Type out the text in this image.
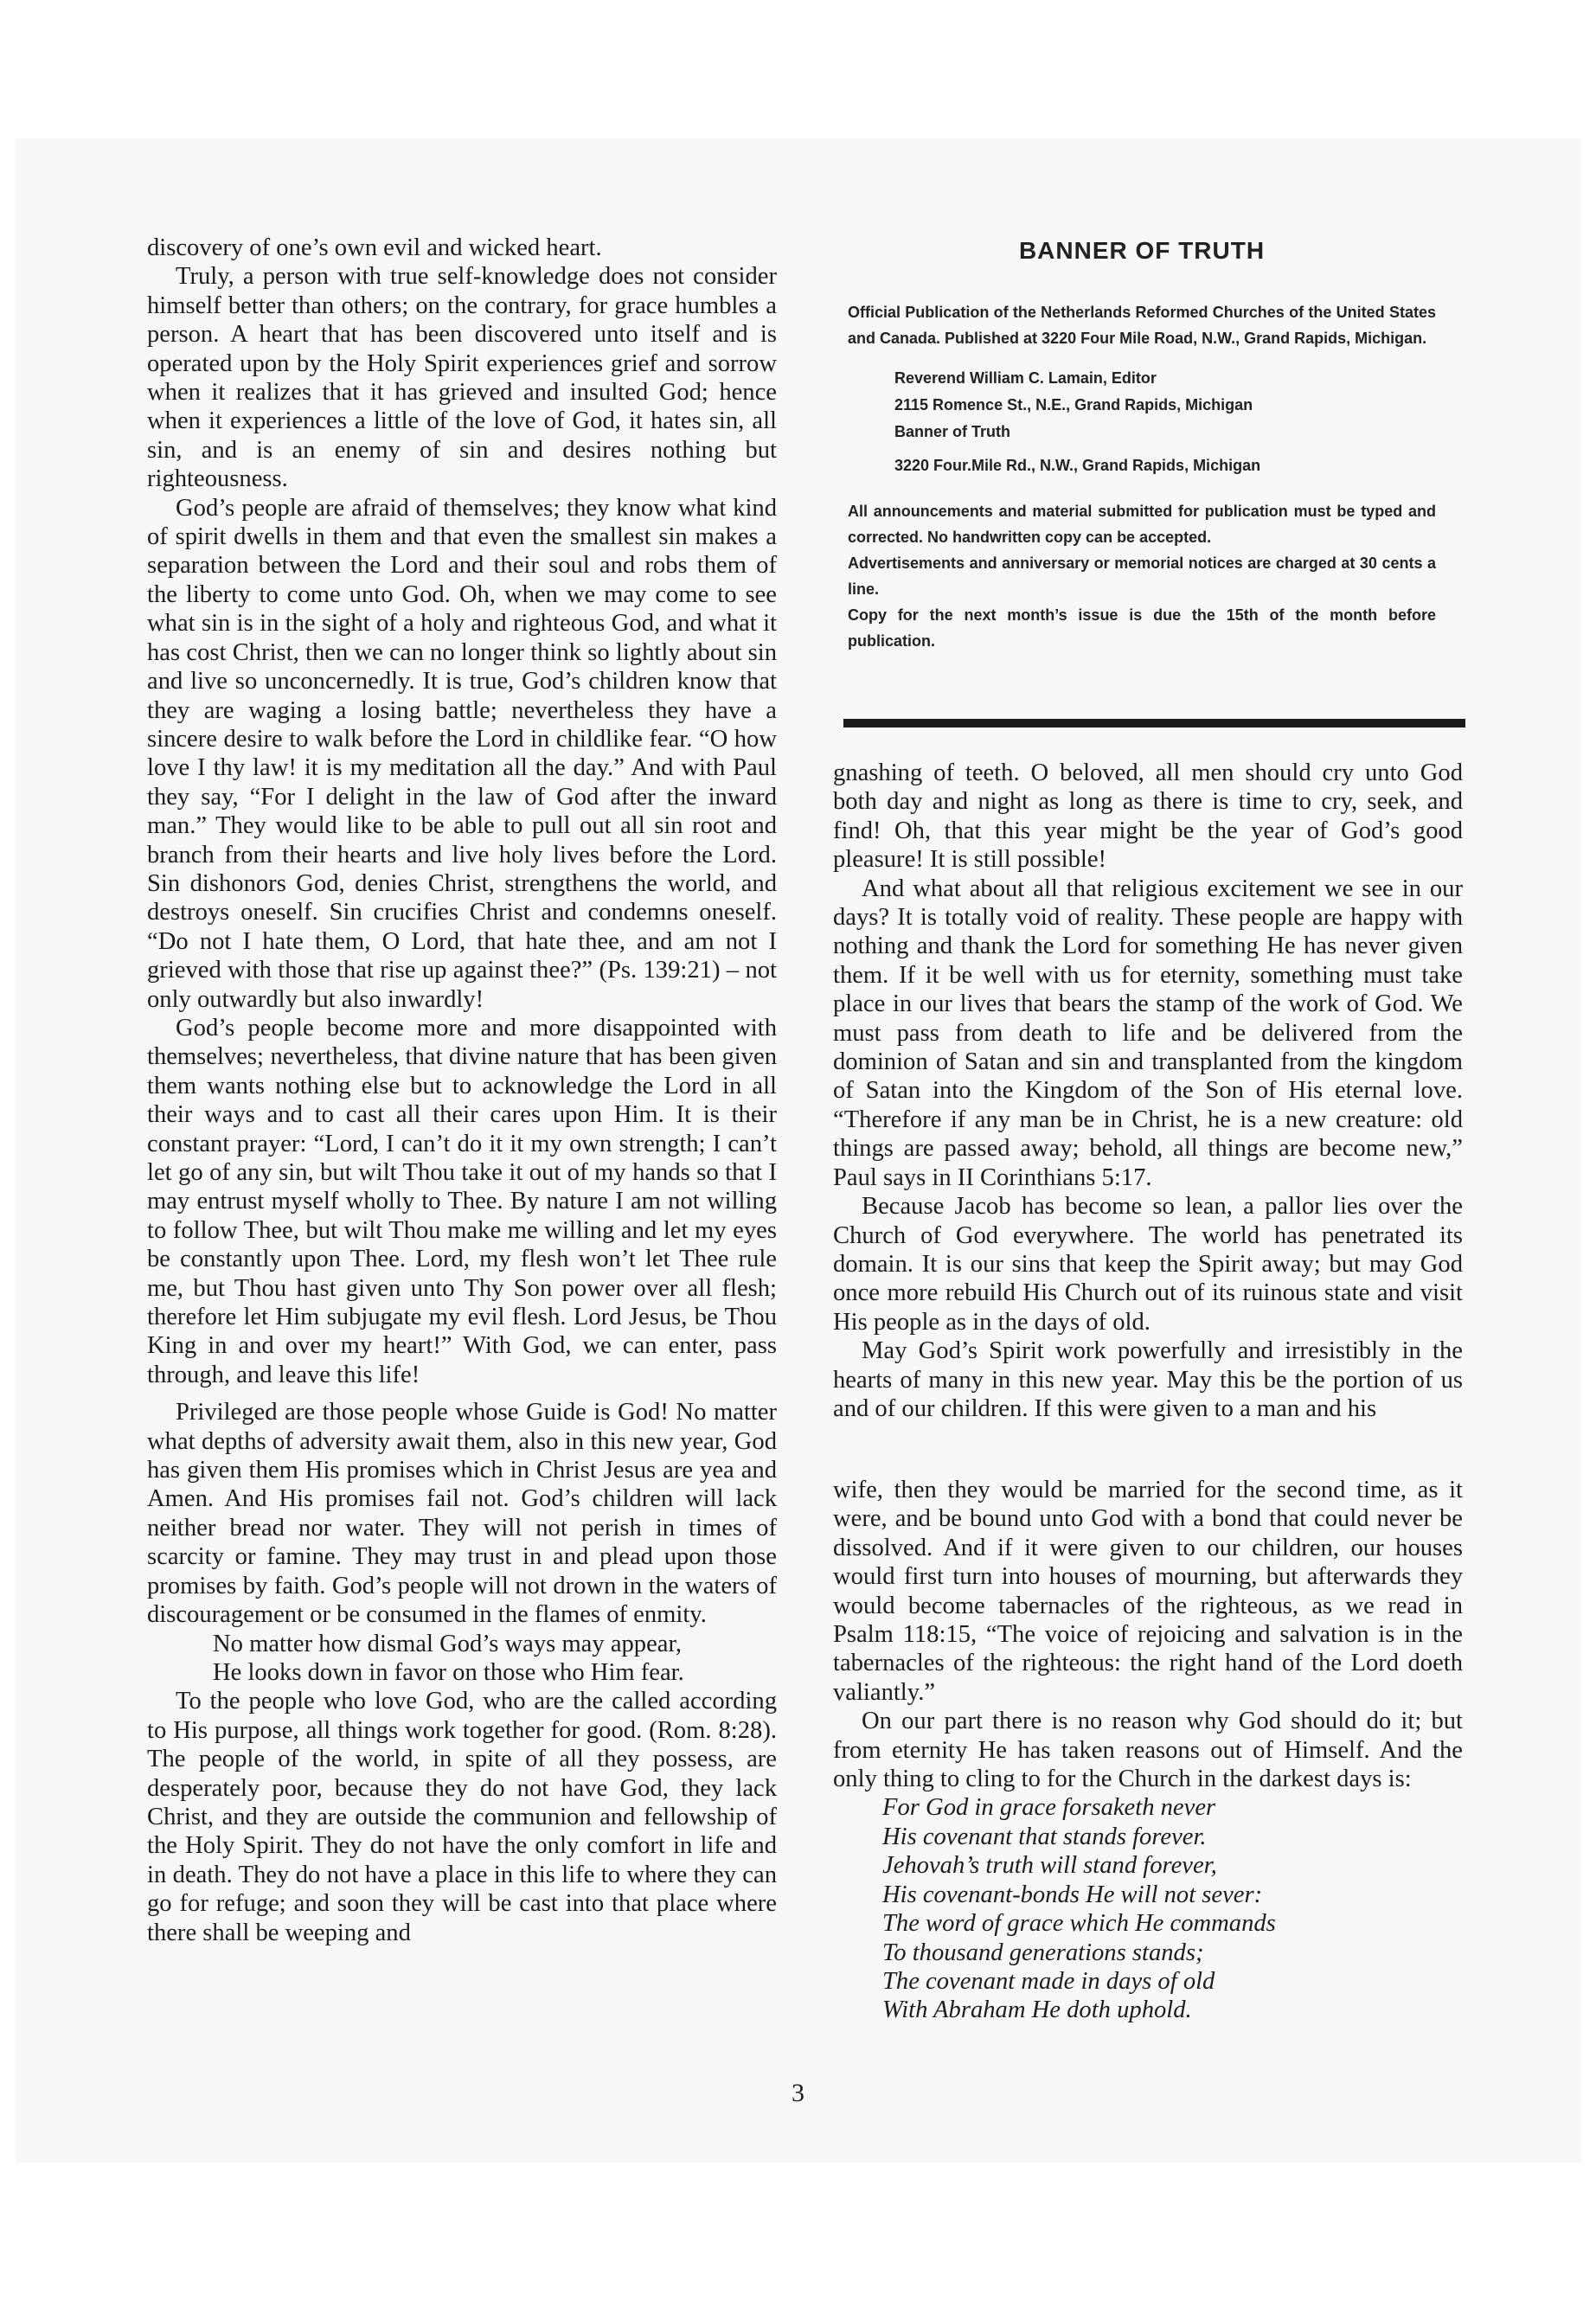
discovery of one’s own evil and wicked heart.

Truly, a person with true self-knowledge does not consider himself better than others; on the contrary, for grace humbles a person. A heart that has been discovered unto itself and is operated upon by the Holy Spirit experiences grief and sorrow when it realizes that it has grieved and insulted God; hence when it experiences a little of the love of God, it hates sin, all sin, and is an enemy of sin and desires nothing but righteousness.

God’s people are afraid of themselves; they know what kind of spirit dwells in them and that even the smallest sin makes a separation between the Lord and their soul and robs them of the liberty to come unto God. Oh, when we may come to see what sin is in the sight of a holy and righteous God, and what it has cost Christ, then we can no longer think so lightly about sin and live so unconcernedly. It is true, God’s children know that they are waging a losing battle; nevertheless they have a sincere desire to walk before the Lord in childlike fear. “O how love I thy law! it is my meditation all the day.” And with Paul they say, “For I delight in the law of God after the inward man.” They would like to be able to pull out all sin root and branch from their hearts and live holy lives before the Lord. Sin dishonors God, denies Christ, strengthens the world, and destroys oneself. Sin crucifies Christ and condemns oneself. “Do not I hate them, O Lord, that hate thee, and am not I grieved with those that rise up against thee?” (Ps. 139:21) – not only outwardly but also inwardly!

God’s people become more and more disappointed with themselves; nevertheless, that divine nature that has been given them wants nothing else but to acknowledge the Lord in all their ways and to cast all their cares upon Him. It is their constant prayer: “Lord, I can’t do it it my own strength; I can’t let go of any sin, but wilt Thou take it out of my hands so that I may entrust myself wholly to Thee. By nature I am not willing to follow Thee, but wilt Thou make me willing and let my eyes be constantly upon Thee. Lord, my flesh won’t let Thee rule me, but Thou hast given unto Thy Son power over all flesh; therefore let Him subjugate my evil flesh. Lord Jesus, be Thou King in and over my heart!” With God, we can enter, pass through, and leave this life!

Privileged are those people whose Guide is God! No matter what depths of adversity await them, also in this new year, God has given them His promises which in Christ Jesus are yea and Amen. And His promises fail not. God’s children will lack neither bread nor water. They will not perish in times of scarcity or famine. They may trust in and plead upon those promises by faith. God’s people will not drown in the waters of discouragement or be consumed in the flames of enmity.

No matter how dismal God’s ways may appear,
He looks down in favor on those who Him fear.

To the people who love God, who are the called according to His purpose, all things work together for good. (Rom. 8:28). The people of the world, in spite of all they possess, are desperately poor, because they do not have God, they lack Christ, and they are outside the communion and fellowship of the Holy Spirit. They do not have the only comfort in life and in death. They do not have a place in this life to where they can go for refuge; and soon they will be cast into that place where there shall be weeping and

BANNER OF TRUTH

Official Publication of the Netherlands Reformed Churches of the United States and Canada. Published at 3220 Four Mile Road, N.W., Grand Rapids, Michigan.

Reverend William C. Lamain, Editor
2115 Romence St., N.E., Grand Rapids, Michigan
Banner of Truth
3220 Four.Mile Rd., N.W., Grand Rapids, Michigan

All announcements and material submitted for publication must be typed and corrected. No handwritten copy can be accepted.

Advertisements and anniversary or memorial notices are charged at 30 cents a line.

Copy for the next month’s issue is due the 15th of the month before publication.

gnashing of teeth. O beloved, all men should cry unto God both day and night as long as there is time to cry, seek, and find! Oh, that this year might be the year of God’s good pleasure! It is still possible!

And what about all that religious excitement we see in our days? It is totally void of reality. These people are happy with nothing and thank the Lord for something He has never given them. If it be well with us for eternity, something must take place in our lives that bears the stamp of the work of God. We must pass from death to life and be delivered from the dominion of Satan and sin and transplanted from the kingdom of Satan into the Kingdom of the Son of His eternal love. “Therefore if any man be in Christ, he is a new creature: old things are passed away; behold, all things are become new,” Paul says in II Corinthians 5:17.

Because Jacob has become so lean, a pallor lies over the Church of God everywhere. The world has penetrated its domain. It is our sins that keep the Spirit away; but may God once more rebuild His Church out of its ruinous state and visit His people as in the days of old.

May God’s Spirit work powerfully and irresistibly in the hearts of many in this new year. May this be the portion of us and of our children. If this were given to a man and his

wife, then they would be married for the second time, as it were, and be bound unto God with a bond that could never be dissolved. And if it were given to our children, our houses would first turn into houses of mourning, but afterwards they would become tabernacles of the righteous, as we read in Psalm 118:15, “The voice of rejoicing and salvation is in the tabernacles of the righteous: the right hand of the Lord doeth valiantly.”

On our part there is no reason why God should do it; but from eternity He has taken reasons out of Himself. And the only thing to cling to for the Church in the darkest days is:

For God in grace forsaketh never
His covenant that stands forever.
Jehovah’s truth will stand forever,
His covenant-bonds He will not sever:
The word of grace which He commands
To thousand generations stands;
The covenant made in days of old
With Abraham He doth uphold.
3
